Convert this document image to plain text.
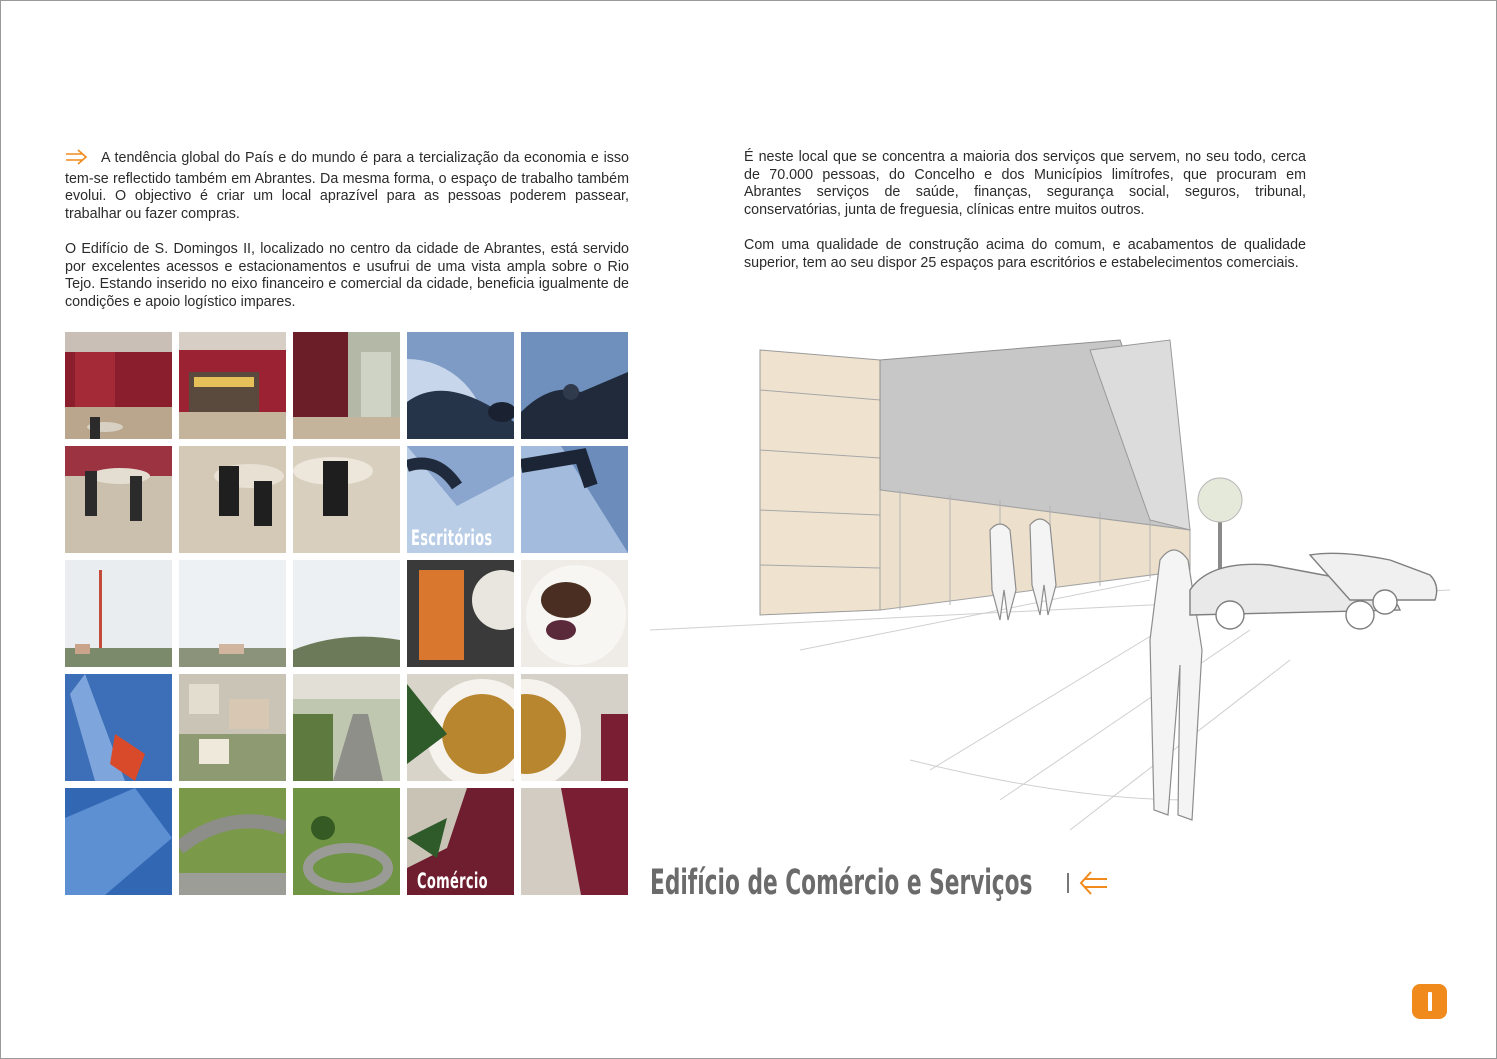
A tendência global do País e do mundo é para a tercialização da economia e isso tem-se reflectido também em Abrantes. Da mesma forma, o espaço de trabalho também evolui. O objectivo é criar um local aprazível para as pessoas poderem passear, trabalhar ou fazer compras.

O Edifício de S. Domingos II, localizado no centro da cidade de Abrantes, está servido por excelentes acessos e estacionamentos e usufrui de uma vista ampla sobre o Rio Tejo. Estando inserido no eixo financeiro e comercial da cidade, beneficia igualmente de condições e apoio logístico impares.

É neste local que se concentra a maioria dos serviços que servem, no seu todo, cerca de 70.000 pessoas, do Concelho e dos Municípios limítrofes, que procuram em Abrantes serviços de saúde, finanças, segurança social, seguros, tribunal, conservatórias, junta de freguesia, clínicas entre muitos outros.

Com uma qualidade de construção acima do comum, e acabamentos de qualidade superior, tem ao seu dispor 25 espaços para escritórios e estabelecimentos comerciais.

Escritórios
Comércio	Edifício de Comércio e Serviços
